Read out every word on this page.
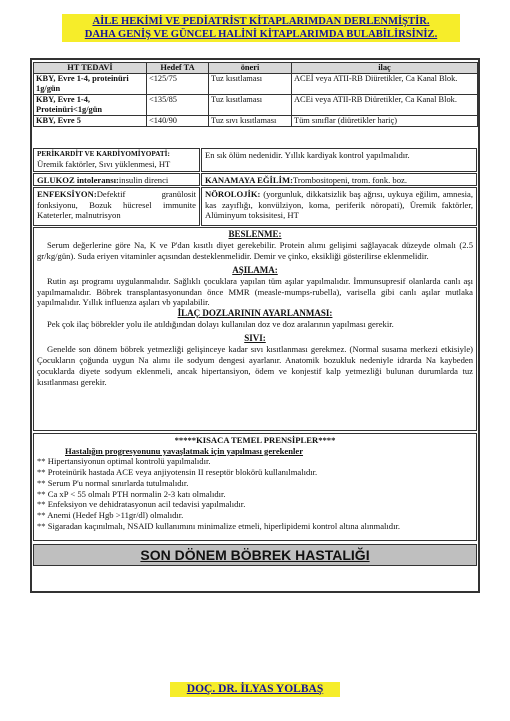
AİLE HEKİMİ VE PEDİATRİST KİTAPLARIMDAN DERLENMİŞTİR.
DAHA GENİŞ VE GÜNCEL HALİNİ KİTAPLARIMDA BULABİLİRSİNİZ.
HT TEDAVİ	Hedef TA	öneri	ilaç
KBY, Evre 1-4, proteinüri 1g/gün	<125/75	Tuz kısıtlaması	ACEİ veya ATII-RB Diüretikler, Ca Kanal Blok.
KBY, Evre 1-4, Proteinüri<1g/gün	<135/85	Tuz kısıtlaması	ACEi veya ATII-RB Diüretikler, Ca Kanal Blok.
KBY, Evre 5	<140/90	Tuz sıvı kısıtlaması	Tüm sınıflar (diüretikler hariç)
PERİKARDİT VE KARDİYOMİYOPATİ:
Üremik faktörler, Sıvı yüklenmesi, HT
En sık ölüm nedenidir. Yıllık kardiyak kontrol yapılmalıdır.
GLUKOZ intoleransı:insulin direnci	KANAMAYA EĞİLİM:Trombositopeni, trom. fonk. boz.
ENFEKSİYON:Defektif granülosit fonksiyonu, Bozuk hücresel immunite Kateterler, malnutrisyon
NÖROLOJİK: (yorgunluk, dikkatsizlik baş ağrısı, uykuya eğilim, amnesia, kas zayıflığı, konvülziyon, koma, periferik nöropati), Üremik faktörler, Alüminyum toksisitesi, HT
BESLENME:
Serum değerlerine göre Na, K ve P'dan kısıtlı diyet gerekebilir. Protein alımı gelişimi sağlayacak düzeyde olmalı (2.5 gr/kg/gün). Suda eriyen vitaminler açısından desteklenmelidir. Demir ve çinko, eksikliği gösterilirse eklenmelidir.
AŞILAMA:
Rutin aşı programı uygulanmalıdır. Sağlıklı çocuklara yapılan tüm aşılar yapılmalıdır. İmmunsupresif olanlarda canlı aşı yapılmamalıdır. Böbrek transplantasyonundan önce MMR (measle-mumps-rubella), varisella gibi canlı aşılar mutlaka yapılmalıdır. Yıllık influenza aşıları vb yapılabilir.
İLAÇ DOZLARININ AYARLANMASI:
Pek çok ilaç böbrekler yolu ile atıldığından dolayı kullanılan doz ve doz aralarının yapılması gerekir.
SIVI:
Genelde son dönem böbrek yetmezliği gelişinceye kadar sıvı kısıtlanması gerekmez. (Normal susama merkezi etkisiyle) Çocukların çoğunda uygun Na alımı ile sodyum dengesi ayarlanır. Anatomik bozukluk nedeniyle idrarda Na kaybeden çocuklarda diyete sodyum eklenmeli, ancak hipertansiyon, ödem ve konjestif kalp yetmezliği bulunan durumlarda tuz kısıtlanması gerekir.
*****KISACA TEMEL PRENSİPLER****
Hastalığın progresyonunu yavaşlatmak için yapılması gerekenler

** Hipertansiyonun optimal kontrolü yapılmalıdır.

** Proteinürik hastada ACE veya anjiyotensin II reseptör blokörü kullanılmalıdır.

** Serum P'u normal sınırlarda tutulmalıdır.

** Ca xP < 55 olmalı PTH normalin 2-3 katı olmalıdır.

** Enfeksiyon ve dehidratasyonun acil tedavisi yapılmalıdır.

** Anemi (Hedef Hgb >11gr/dl) olmalıdır.

** Sigaradan kaçınılmalı, NSAID kullanımını minimalize etmeli, hiperlipidemi kontrol altına alınmalıdır.

SON DÖNEM BÖBREK HASTALIĞI
DOÇ. DR. İLYAS YOLBAŞ
